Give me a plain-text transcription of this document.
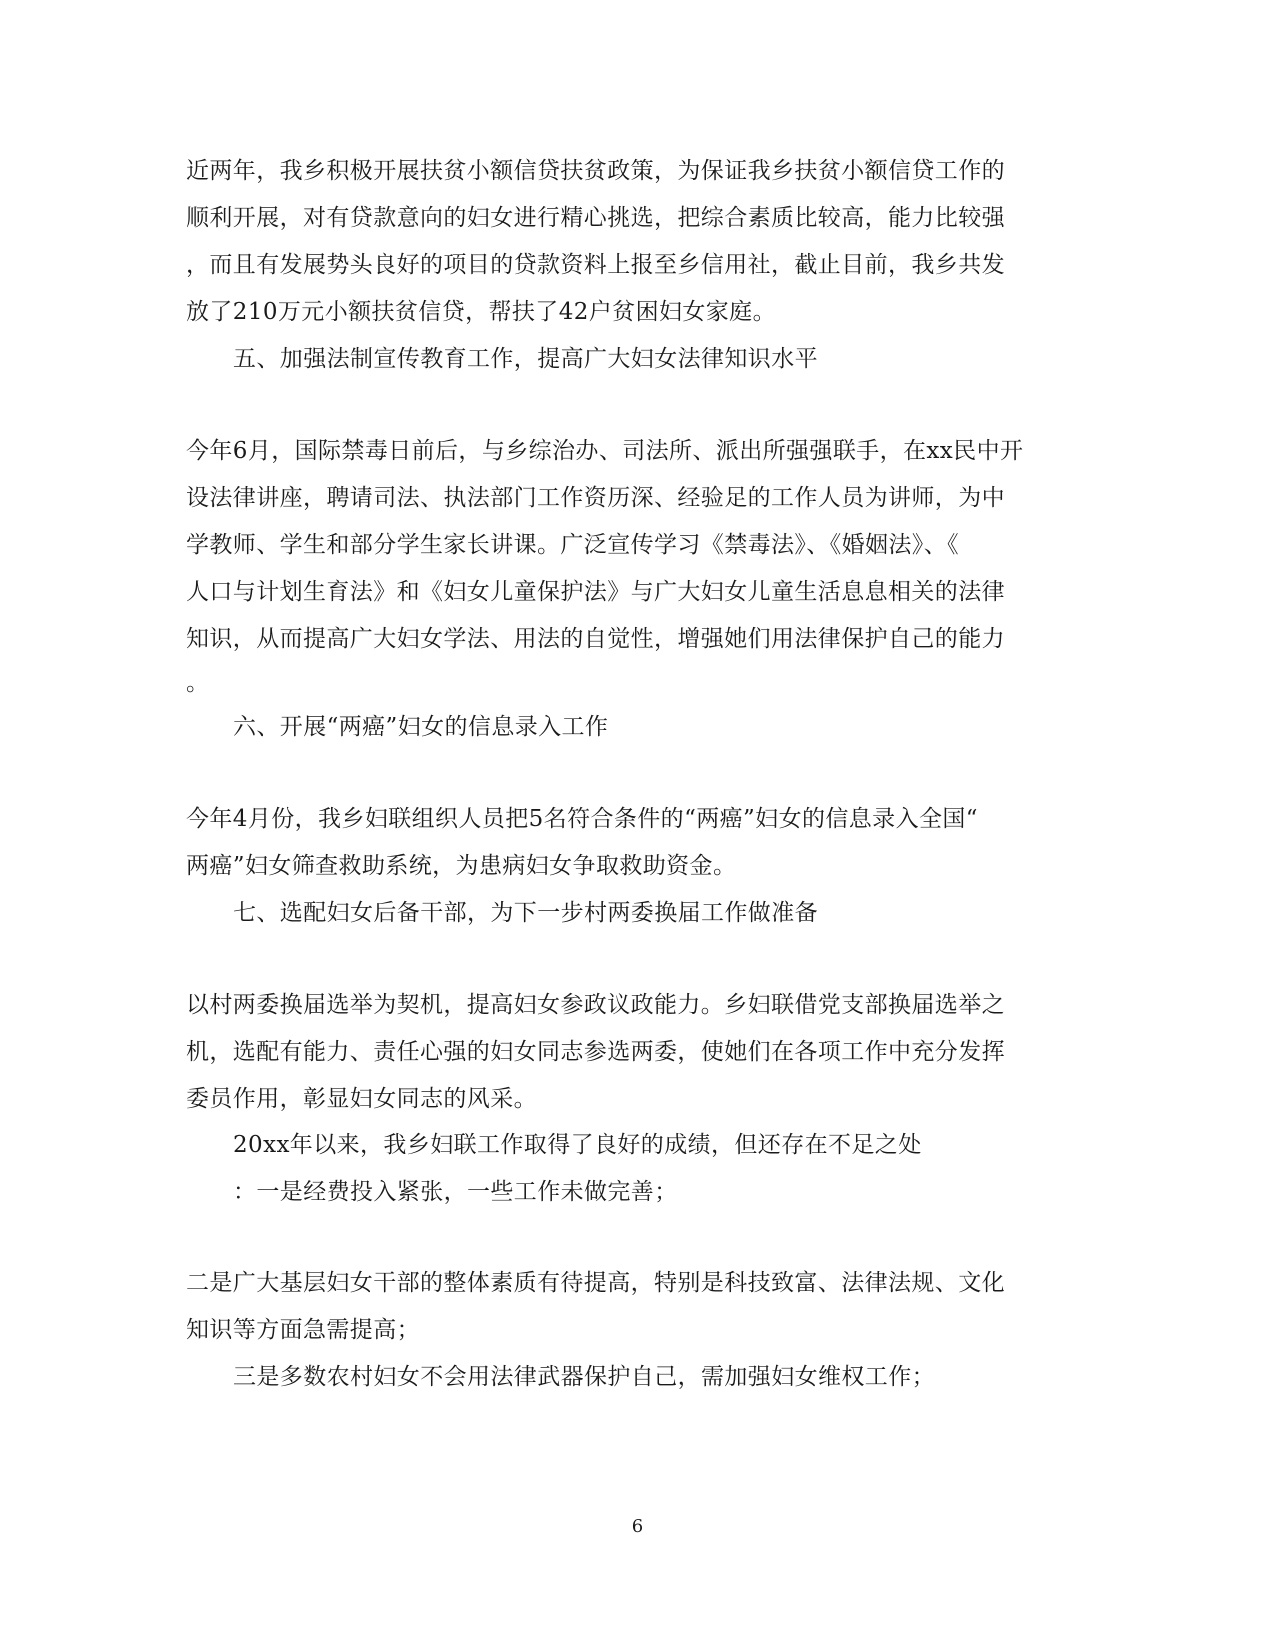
近两年，我乡积极开展扶贫小额信贷扶贫政策，为保证我乡扶贫小额信贷工作的
顺利开展，对有贷款意向的妇女进行精心挑选，把综合素质比较高，能力比较强
，而且有发展势头良好的项目的贷款资料上报至乡信用社，截止目前，我乡共发
放了210万元小额扶贫信贷，帮扶了42户贫困妇女家庭。
五、加强法制宣传教育工作，提高广大妇女法律知识水平
今年6月，国际禁毒日前后，与乡综治办、司法所、派出所强强联手，在xx民中开
设法律讲座，聘请司法、执法部门工作资历深、经验足的工作人员为讲师，为中
学教师、学生和部分学生家长讲课。广泛宣传学习《禁毒法》、《婚姻法》、《
人口与计划生育法》和《妇女儿童保护法》与广大妇女儿童生活息息相关的法律
知识，从而提高广大妇女学法、用法的自觉性，增强她们用法律保护自己的能力
。
六、开展“两癌”妇女的信息录入工作
今年4月份，我乡妇联组织人员把5名符合条件的“两癌”妇女的信息录入全国“
两癌”妇女筛查救助系统，为患病妇女争取救助资金。
七、选配妇女后备干部，为下一步村两委换届工作做准备
以村两委换届选举为契机，提高妇女参政议政能力。乡妇联借党支部换届选举之
机，选配有能力、责任心强的妇女同志参选两委，使她们在各项工作中充分发挥
委员作用，彰显妇女同志的风采。
20xx年以来，我乡妇联工作取得了良好的成绩，但还存在不足之处
：一是经费投入紧张，一些工作未做完善；
二是广大基层妇女干部的整体素质有待提高，特别是科技致富、法律法规、文化
知识等方面急需提高；
三是多数农村妇女不会用法律武器保护自己，需加强妇女维权工作；
6
